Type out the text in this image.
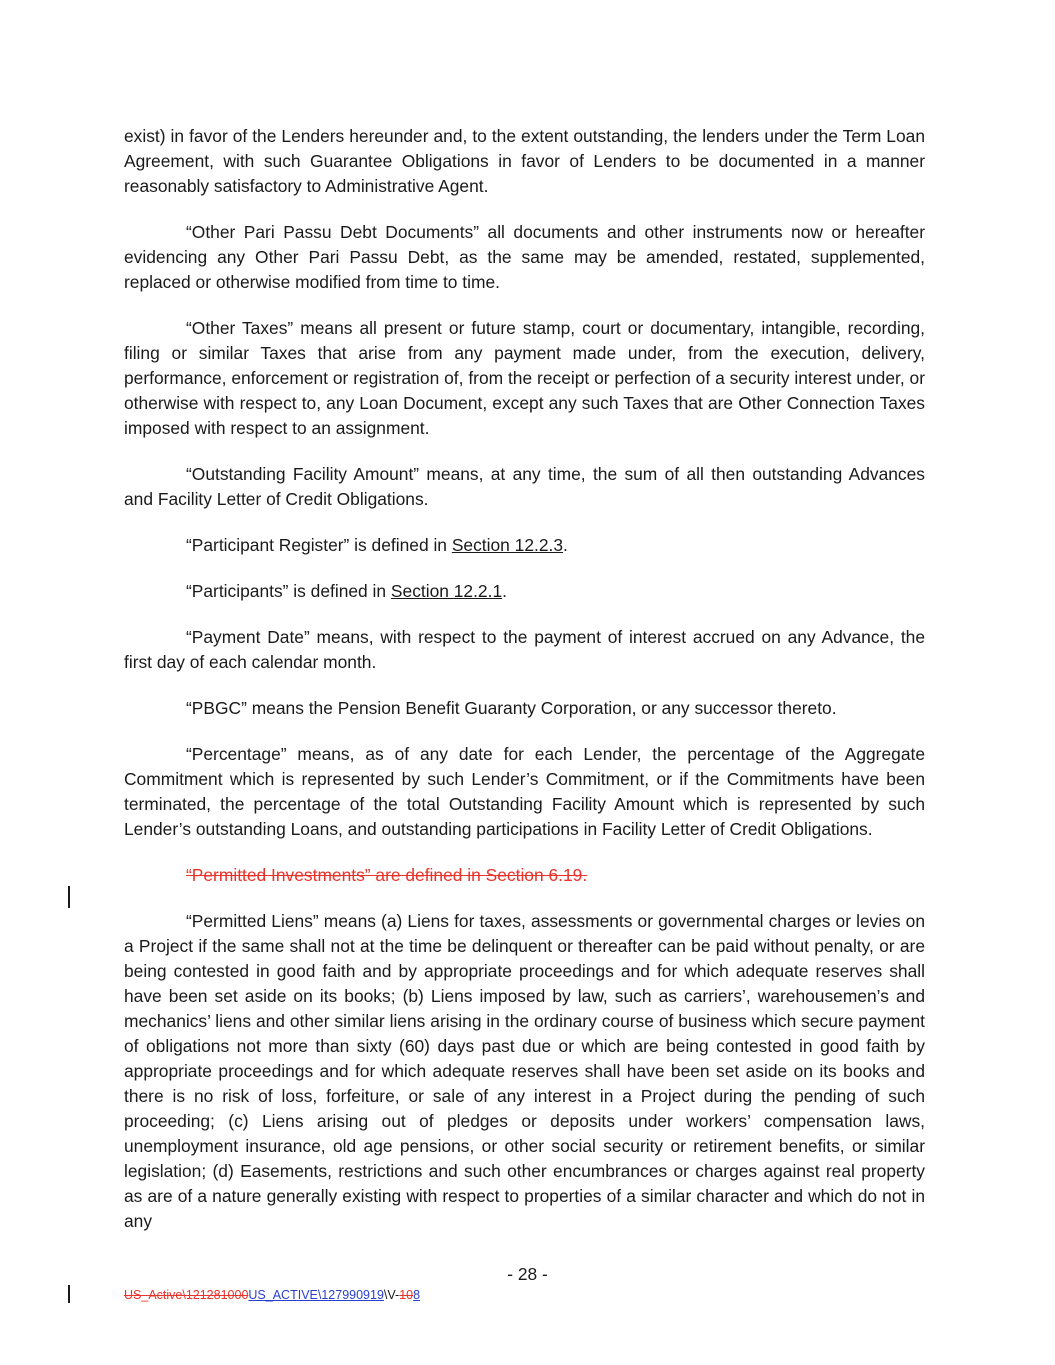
exist) in favor of the Lenders hereunder and, to the extent outstanding, the lenders under the Term Loan Agreement, with such Guarantee Obligations in favor of Lenders to be documented in a manner reasonably satisfactory to Administrative Agent.

“Other Pari Passu Debt Documents” all documents and other instruments now or hereafter evidencing any Other Pari Passu Debt, as the same may be amended, restated, supplemented, replaced or otherwise modified from time to time.

“Other Taxes” means all present or future stamp, court or documentary, intangible, recording, filing or similar Taxes that arise from any payment made under, from the execution, delivery, performance, enforcement or registration of, from the receipt or perfection of a security interest under, or otherwise with respect to, any Loan Document, except any such Taxes that are Other Connection Taxes imposed with respect to an assignment.

“Outstanding Facility Amount” means, at any time, the sum of all then outstanding Advances and Facility Letter of Credit Obligations.

“Participant Register” is defined in Section 12.2.3.

“Participants” is defined in Section 12.2.1.

“Payment Date” means, with respect to the payment of interest accrued on any Advance, the first day of each calendar month.

“PBGC” means the Pension Benefit Guaranty Corporation, or any successor thereto.

“Percentage” means, as of any date for each Lender, the percentage of the Aggregate Commitment which is represented by such Lender’s Commitment, or if the Commitments have been terminated, the percentage of the total Outstanding Facility Amount which is represented by such Lender’s outstanding Loans, and outstanding participations in Facility Letter of Credit Obligations.

“Permitted Investments” are defined in Section 6.19.

“Permitted Liens” means (a) Liens for taxes, assessments or governmental charges or levies on a Project if the same shall not at the time be delinquent or thereafter can be paid without penalty, or are being contested in good faith and by appropriate proceedings and for which adequate reserves shall have been set aside on its books; (b) Liens imposed by law, such as carriers’, warehousemen’s and mechanics’ liens and other similar liens arising in the ordinary course of business which secure payment of obligations not more than sixty (60) days past due or which are being contested in good faith by appropriate proceedings and for which adequate reserves shall have been set aside on its books and there is no risk of loss, forfeiture, or sale of any interest in a Project during the pending of such proceeding; (c) Liens arising out of pledges or deposits under workers’ compensation laws, unemployment insurance, old age pensions, or other social security or retirement benefits, or similar legislation; (d) Easements, restrictions and such other encumbrances or charges against real property as are of a nature generally existing with respect to properties of a similar character and which do not in any

- 28 -
US_Active\121281000US_ACTIVE\127990919\V-108
